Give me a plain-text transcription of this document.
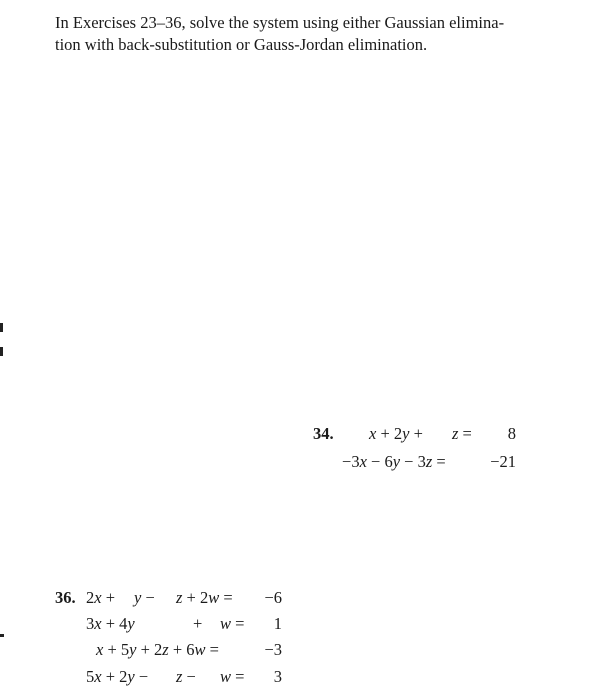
In Exercises 23–36, solve the system using either Gaussian elimina-
tion with back-substitution or Gauss-Jordan elimination.
34. x + 2y + z =	8
−3x − 6y − 3z =	−21
36. 2x + y − z + 2w =	−6
3x + 4y	+ w =	1
x + 5y + 2z + 6w =	−3
5x + 2y − z − w =	3
